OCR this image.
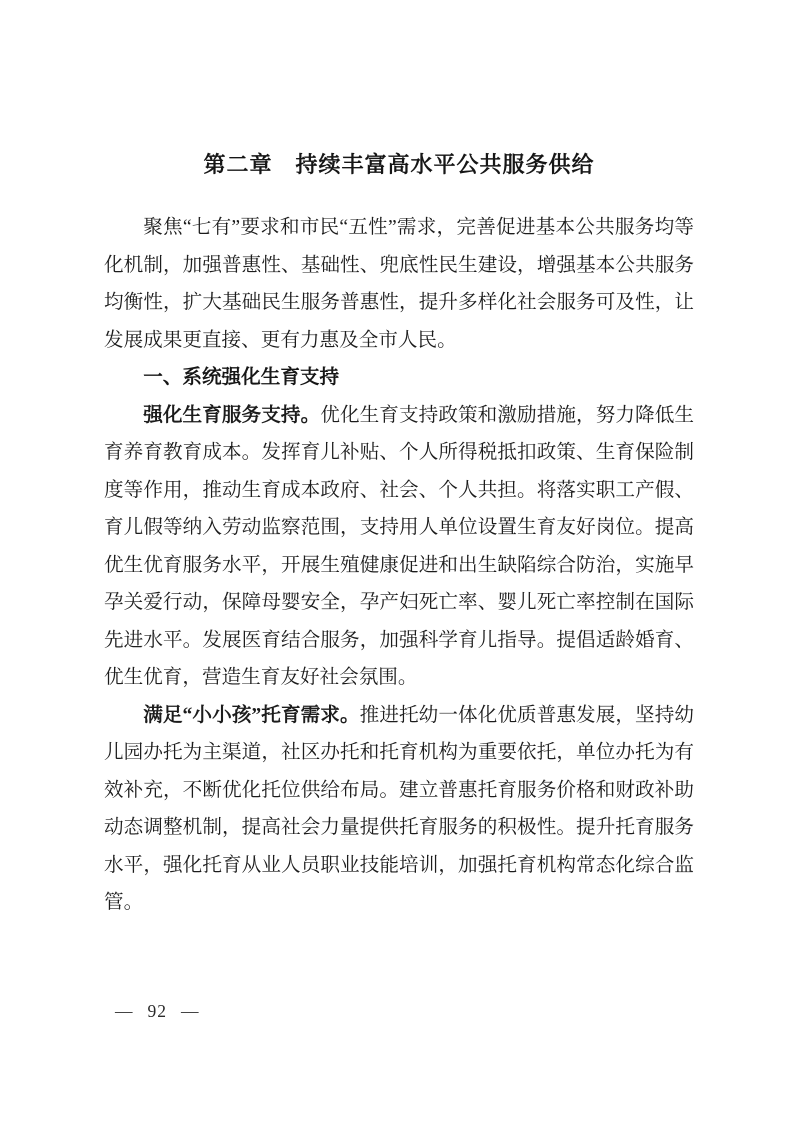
第二章　持续丰富高水平公共服务供给

聚焦“七有”要求和市民“五性”需求，完善促进基本公共服务均等化机制，加强普惠性、基础性、兜底性民生建设，增强基本公共服务均衡性，扩大基础民生服务普惠性，提升多样化社会服务可及性，让发展成果更直接、更有力惠及全市人民。

一、系统强化生育支持

强化生育服务支持。优化生育支持政策和激励措施，努力降低生育养育教育成本。发挥育儿补贴、个人所得税抵扣政策、生育保险制度等作用，推动生育成本政府、社会、个人共担。将落实职工产假、育儿假等纳入劳动监察范围，支持用人单位设置生育友好岗位。提高优生优育服务水平，开展生殖健康促进和出生缺陷综合防治，实施早孕关爱行动，保障母婴安全，孕产妇死亡率、婴儿死亡率控制在国际先进水平。发展医育结合服务，加强科学育儿指导。提倡适龄婚育、优生优育，营造生育友好社会氛围。

满足“小小孩”托育需求。推进托幼一体化优质普惠发展，坚持幼儿园办托为主渠道，社区办托和托育机构为重要依托，单位办托为有效补充，不断优化托位供给布局。建立普惠托育服务价格和财政补助动态调整机制，提高社会力量提供托育服务的积极性。提升托育服务水平，强化托育从业人员职业技能培训，加强托育机构常态化综合监管。

— 92 —
